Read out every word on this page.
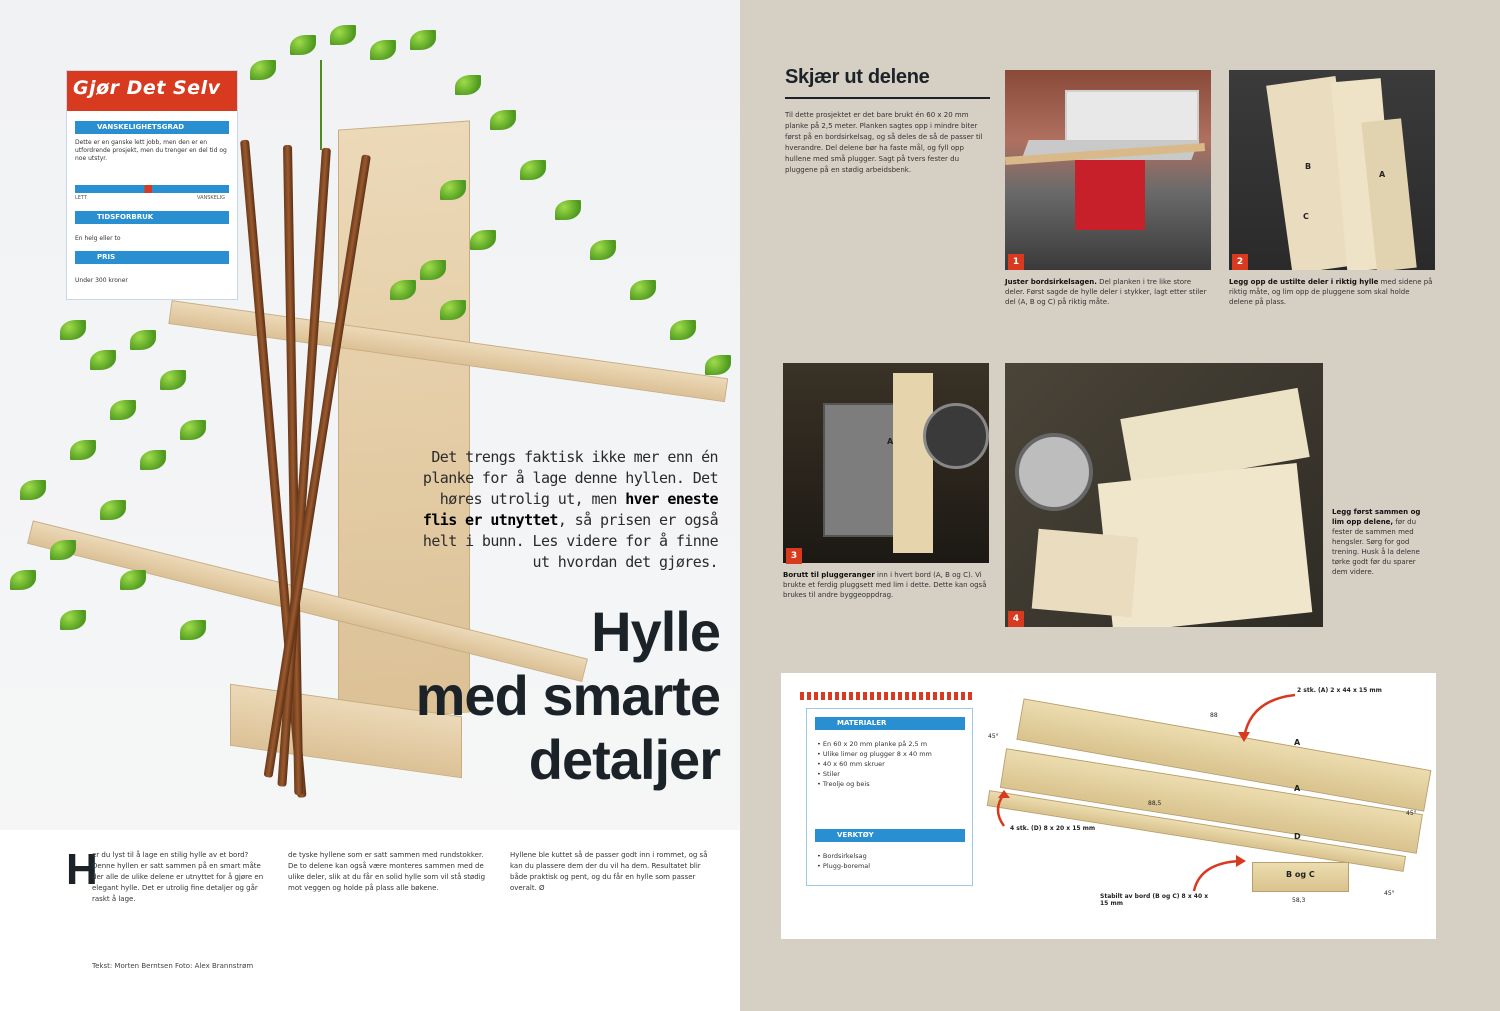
Gjør Det Selv
VANSKELIGHETSGRAD
Dette er en ganske lett jobb, men den er en utfordrende prosjekt, men du trenger en del tid og noe utstyr.
LETT	VANSKELIG
TIDSFORBRUK
En helg eller to
PRIS
Under 300 kroner
Det trengs faktisk ikke mer enn én planke for å lage denne hyllen. Det høres utrolig ut, men hver eneste flis er utnyttet, så prisen er også helt i bunn. Les videre for å finne ut hvordan det gjøres.
Hylle
med smarte
detaljer
H
er du lyst til å lage en stilig hylle av et bord? Denne hyllen er satt sammen på en smart måte der alle de ulike delene er utnyttet for å gjøre en elegant hylle. Det er utrolig fine detaljer og går raskt å lage.
de tyske hyllene som er satt sammen med rundstokker. De to delene kan også være monteres sammen med de ulike deler, slik at du får en solid hylle som vil stå stødig mot veggen og holde på plass alle bøkene.
Hyllene ble kuttet så de passer godt inn i rommet, og så kan du plassere dem der du vil ha dem. Resultatet blir både praktisk og pent, og du får en hylle som passer overalt. Ø
Tekst: Morten Berntsen Foto: Alex Brannstrøm
Skjær ut delene
Til dette prosjektet er det bare brukt én 60 x 20 mm planke på 2,5 meter. Planken sagtes opp i mindre biter først på en bordsirkelsag, og så deles de så de passer til hverandre. Del delene bør ha faste mål, og fyll opp hullene med små plugger. Sagt på tvers fester du pluggene på en stødig arbeidsbenk.
1
Juster bordsirkelsagen. Del planken i tre like store deler. Først sagde de hylle deler i stykker, lagt etter stiler del (A, B og C) på riktig måte.
B
A
C
2
Legg opp de ustilte deler i riktig hylle med sidene på riktig måte, og lim opp de pluggene som skal holde delene på plass.
A
3
Borutt til pluggeranger inn i hvert bord (A, B og C). Vi brukte et ferdig pluggsett med lim i dette. Dette kan også brukes til andre byggeoppdrag.
4
Legg først sammen og lim opp delene, før du fester de sammen med hengsler. Sørg for god trening. Husk å la delene tørke godt før du sparer dem videre.
MATERIALER
• En 60 x 20 mm planke på 2,5 m
• Ulike limer og plugger 8 x 40 mm
• 40 x 60 mm skruer
• Stiler
• Treolje og beis
VERKTØY
• Bordsirkelsag
• Plugg-boremal
A
A
D
B og C
88
88,5
58,3
45°
45°
45°
2 stk. (A) 2 x 44 x 15 mm
4 stk. (D) 8 x 20 x 15 mm
Stabilt av bord (B og C) 8 x 40 x 15 mm
